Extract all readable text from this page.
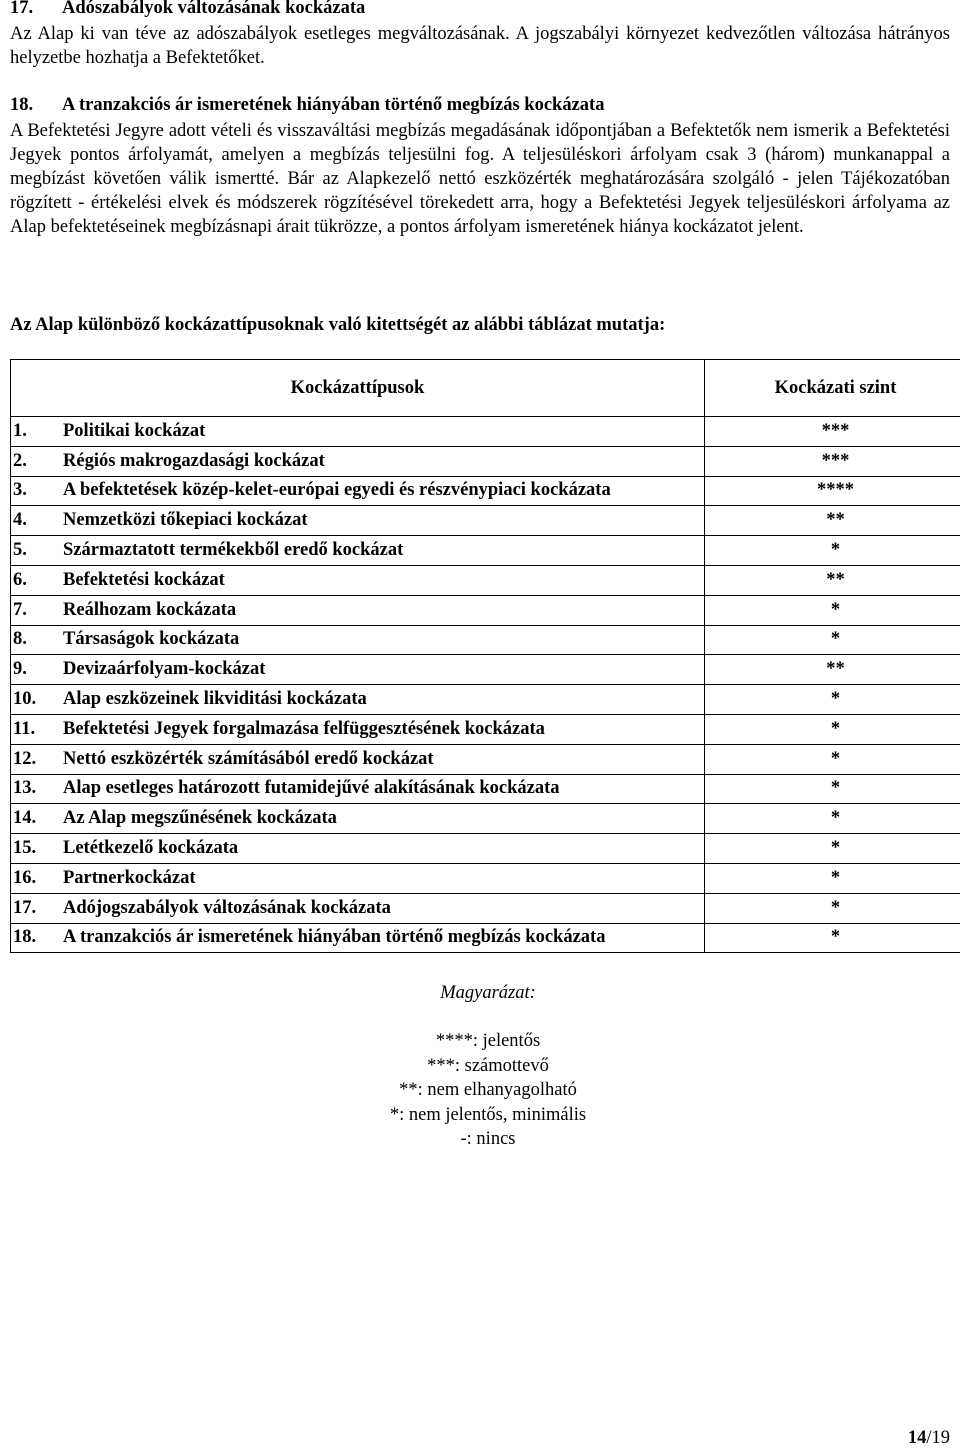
17. Adószabályok változásának kockázata
Az Alap ki van téve az adószabályok esetleges megváltozásának. A jogszabályi környezet kedvezőtlen változása hátrányos helyzetbe hozhatja a Befektetőket.
18. A tranzakciós ár ismeretének hiányában történő megbízás kockázata
A Befektetési Jegyre adott vételi és visszaváltási megbízás megadásának időpontjában a Befektetők nem ismerik a Befektetési Jegyek pontos árfolyamát, amelyen a megbízás teljesülni fog. A teljesüléskori árfolyam csak 3 (három) munkanappal a megbízást követően válik ismertté. Bár az Alapkezelő nettó eszközérték meghatározására szolgáló - jelen Tájékozatóban rögzített - értékelési elvek és módszerek rögzítésével törekedett arra, hogy a Befektetési Jegyek teljesüléskori árfolyama az Alap befektetéseinek megbízásnapi árait tükrözze, a pontos árfolyam ismeretének hiánya kockázatot jelent.
Az Alap különböző kockázattípusoknak való kitettségét az alábbi táblázat mutatja:
Kockázattípusok	Kockázati szint
1. Politikai kockázat	***
2. Régiós makrogazdasági kockázat	***
3. A befektetések közép-kelet-európai egyedi és részvénypiaci kockázata	****
4. Nemzetközi tőkepiaci kockázat	**
5. Származtatott termékekből eredő kockázat	*
6. Befektetési kockázat	**
7. Reálhozam kockázata	*
8. Társaságok kockázata	*
9. Devizaárfolyam-kockázat	**
10. Alap eszközeinek likviditási kockázata	*
11. Befektetési Jegyek forgalmazása felfüggesztésének kockázata	*
12. Nettó eszközérték számításából eredő kockázat	*
13. Alap esetleges határozott futamidejűvé alakításának kockázata	*
14. Az Alap megszűnésének kockázata	*
15. Letétkezelő kockázata	*
16. Partnerkockázat	*
17. Adójogszabályok változásának kockázata	*
18. A tranzakciós ár ismeretének hiányában történő megbízás kockázata	*
Magyarázat:
****: jelentős
***: számottevő
**: nem elhanyagolható
*: nem jelentős, minimális
-: nincs
14/19
